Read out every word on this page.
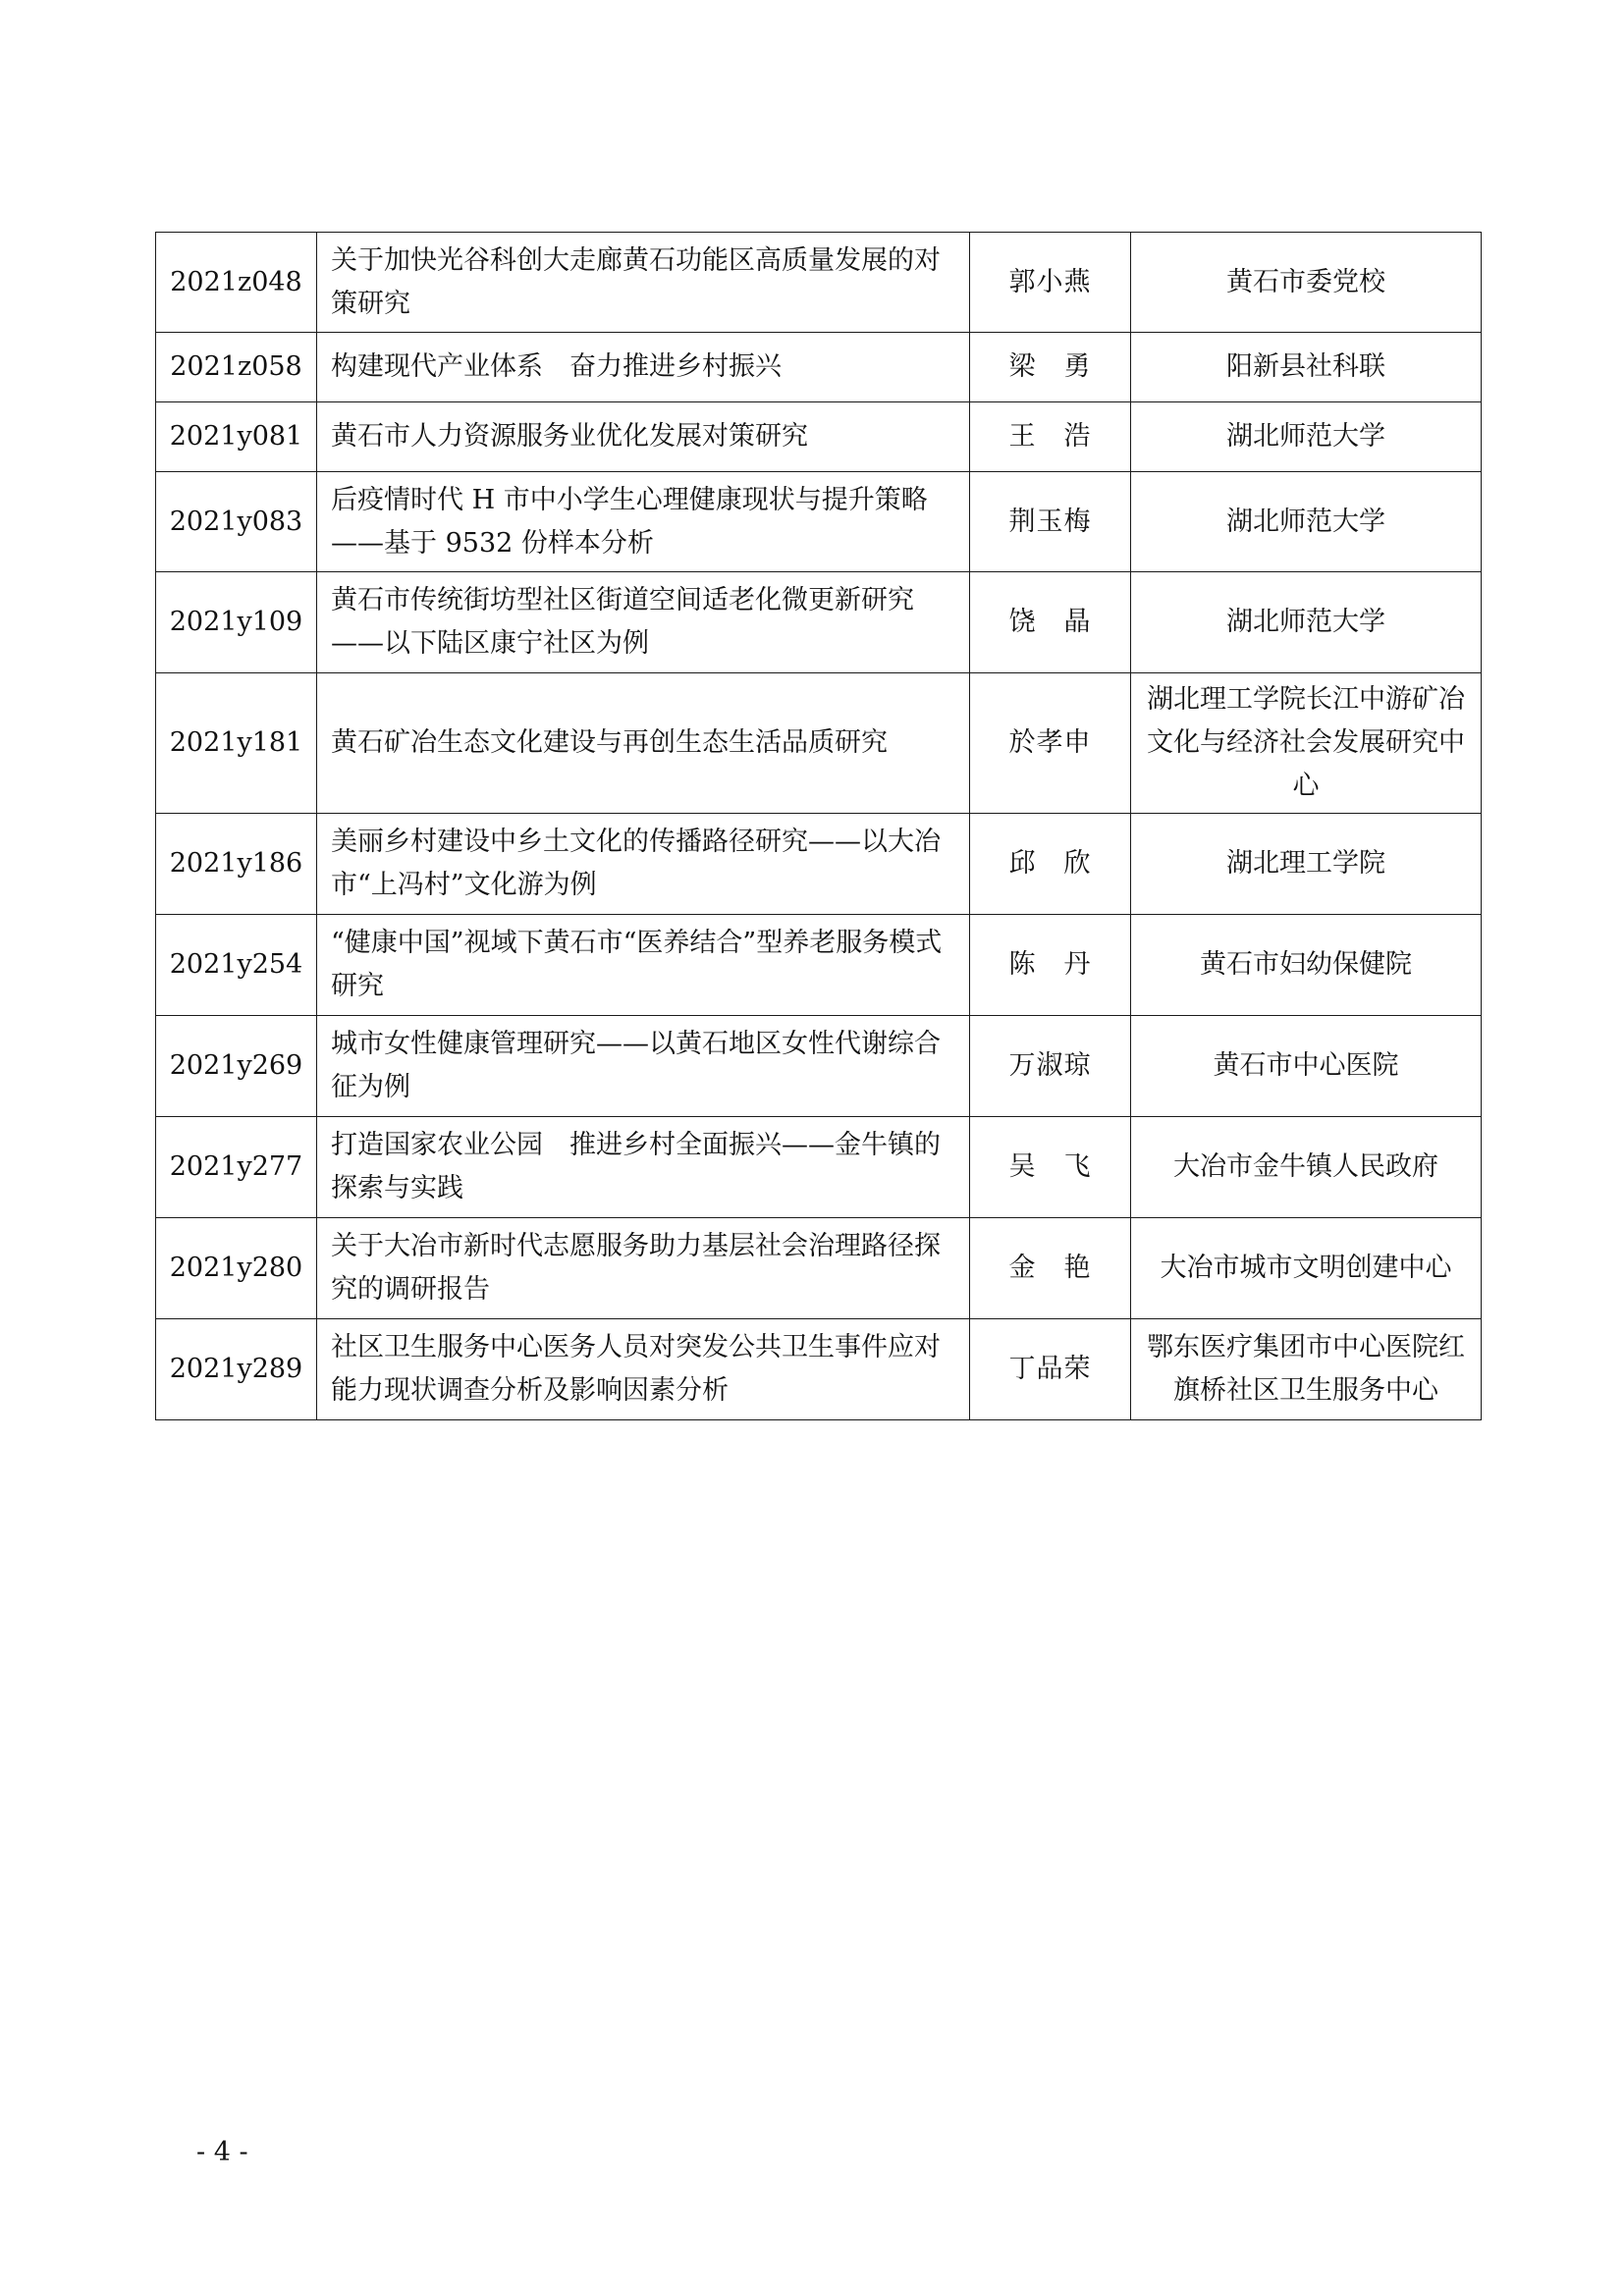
2021z048	关于加快光谷科创大走廊黄石功能区高质量发展的对策研究	郭小燕	黄石市委党校
2021z058	构建现代产业体系　奋力推进乡村振兴	梁　勇	阳新县社科联
2021y081	黄石市人力资源服务业优化发展对策研究	王　浩	湖北师范大学
2021y083	后疫情时代 H 市中小学生心理健康现状与提升策略——基于 9532 份样本分析	荆玉梅	湖北师范大学
2021y109	黄石市传统街坊型社区街道空间适老化微更新研究——以下陆区康宁社区为例	饶　晶	湖北师范大学
2021y181	黄石矿冶生态文化建设与再创生态生活品质研究	於孝申	湖北理工学院长江中游矿冶文化与经济社会发展研究中心
2021y186	美丽乡村建设中乡土文化的传播路径研究——以大冶市“上冯村”文化游为例	邱　欣	湖北理工学院
2021y254	“健康中国”视域下黄石市“医养结合”型养老服务模式研究	陈　丹	黄石市妇幼保健院
2021y269	城市女性健康管理研究——以黄石地区女性代谢综合征为例	万淑琼	黄石市中心医院
2021y277	打造国家农业公园　推进乡村全面振兴——金牛镇的探索与实践	吴　飞	大冶市金牛镇人民政府
2021y280	关于大冶市新时代志愿服务助力基层社会治理路径探究的调研报告	金　艳	大冶市城市文明创建中心
2021y289	社区卫生服务中心医务人员对突发公共卫生事件应对能力现状调查分析及影响因素分析	丁品荣	鄂东医疗集团市中心医院红旗桥社区卫生服务中心
- 4 -
